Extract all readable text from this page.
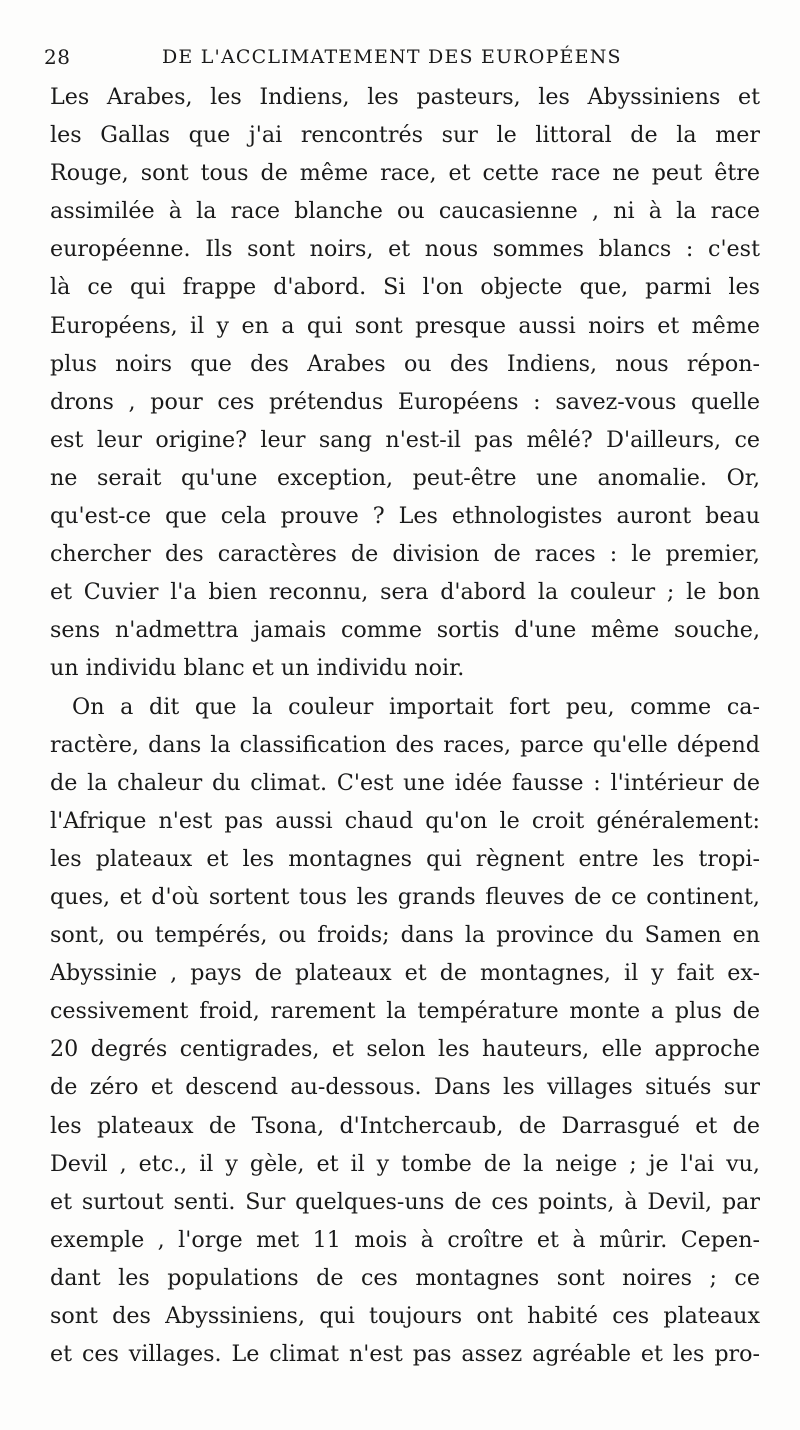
28	DE L'ACCLIMATEMENT DES EUROPÉENS
Les Arabes, les Indiens, les pasteurs, les Abyssiniens et
les Gallas que j'ai rencontrés sur le littoral de la mer
Rouge, sont tous de même race, et cette race ne peut être
assimilée à la race blanche ou caucasienne , ni à la race
européenne. Ils sont noirs, et nous sommes blancs : c'est
là ce qui frappe d'abord. Si l'on objecte que, parmi les
Européens, il y en a qui sont presque aussi noirs et même
plus noirs que des Arabes ou des Indiens, nous répon-
drons , pour ces prétendus Européens : savez-vous quelle
est leur origine? leur sang n'est-il pas mêlé? D'ailleurs, ce
ne serait qu'une exception, peut-être une anomalie. Or,
qu'est-ce que cela prouve ? Les ethnologistes auront beau
chercher des caractères de division de races : le premier,
et Cuvier l'a bien reconnu, sera d'abord la couleur ; le bon
sens n'admettra jamais comme sortis d'une même souche,
un individu blanc et un individu noir.
On a dit que la couleur importait fort peu, comme ca-
ractère, dans la classification des races, parce qu'elle dépend
de la chaleur du climat. C'est une idée fausse : l'intérieur de
l'Afrique n'est pas aussi chaud qu'on le croit généralement:
les plateaux et les montagnes qui règnent entre les tropi-
ques, et d'où sortent tous les grands fleuves de ce continent,
sont, ou tempérés, ou froids; dans la province du Samen en
Abyssinie , pays de plateaux et de montagnes, il y fait ex-
cessivement froid, rarement la température monte a plus de
20 degrés centigrades, et selon les hauteurs, elle approche
de zéro et descend au-dessous. Dans les villages situés sur
les plateaux de Tsona, d'Intchercaub, de Darrasgué et de
Devil , etc., il y gèle, et il y tombe de la neige ; je l'ai vu,
et surtout senti. Sur quelques-uns de ces points, à Devil, par
exemple , l'orge met 11 mois à croître et à mûrir. Cepen-
dant les populations de ces montagnes sont noires ; ce
sont des Abyssiniens, qui toujours ont habité ces plateaux
et ces villages. Le climat n'est pas assez agréable et les pro-
